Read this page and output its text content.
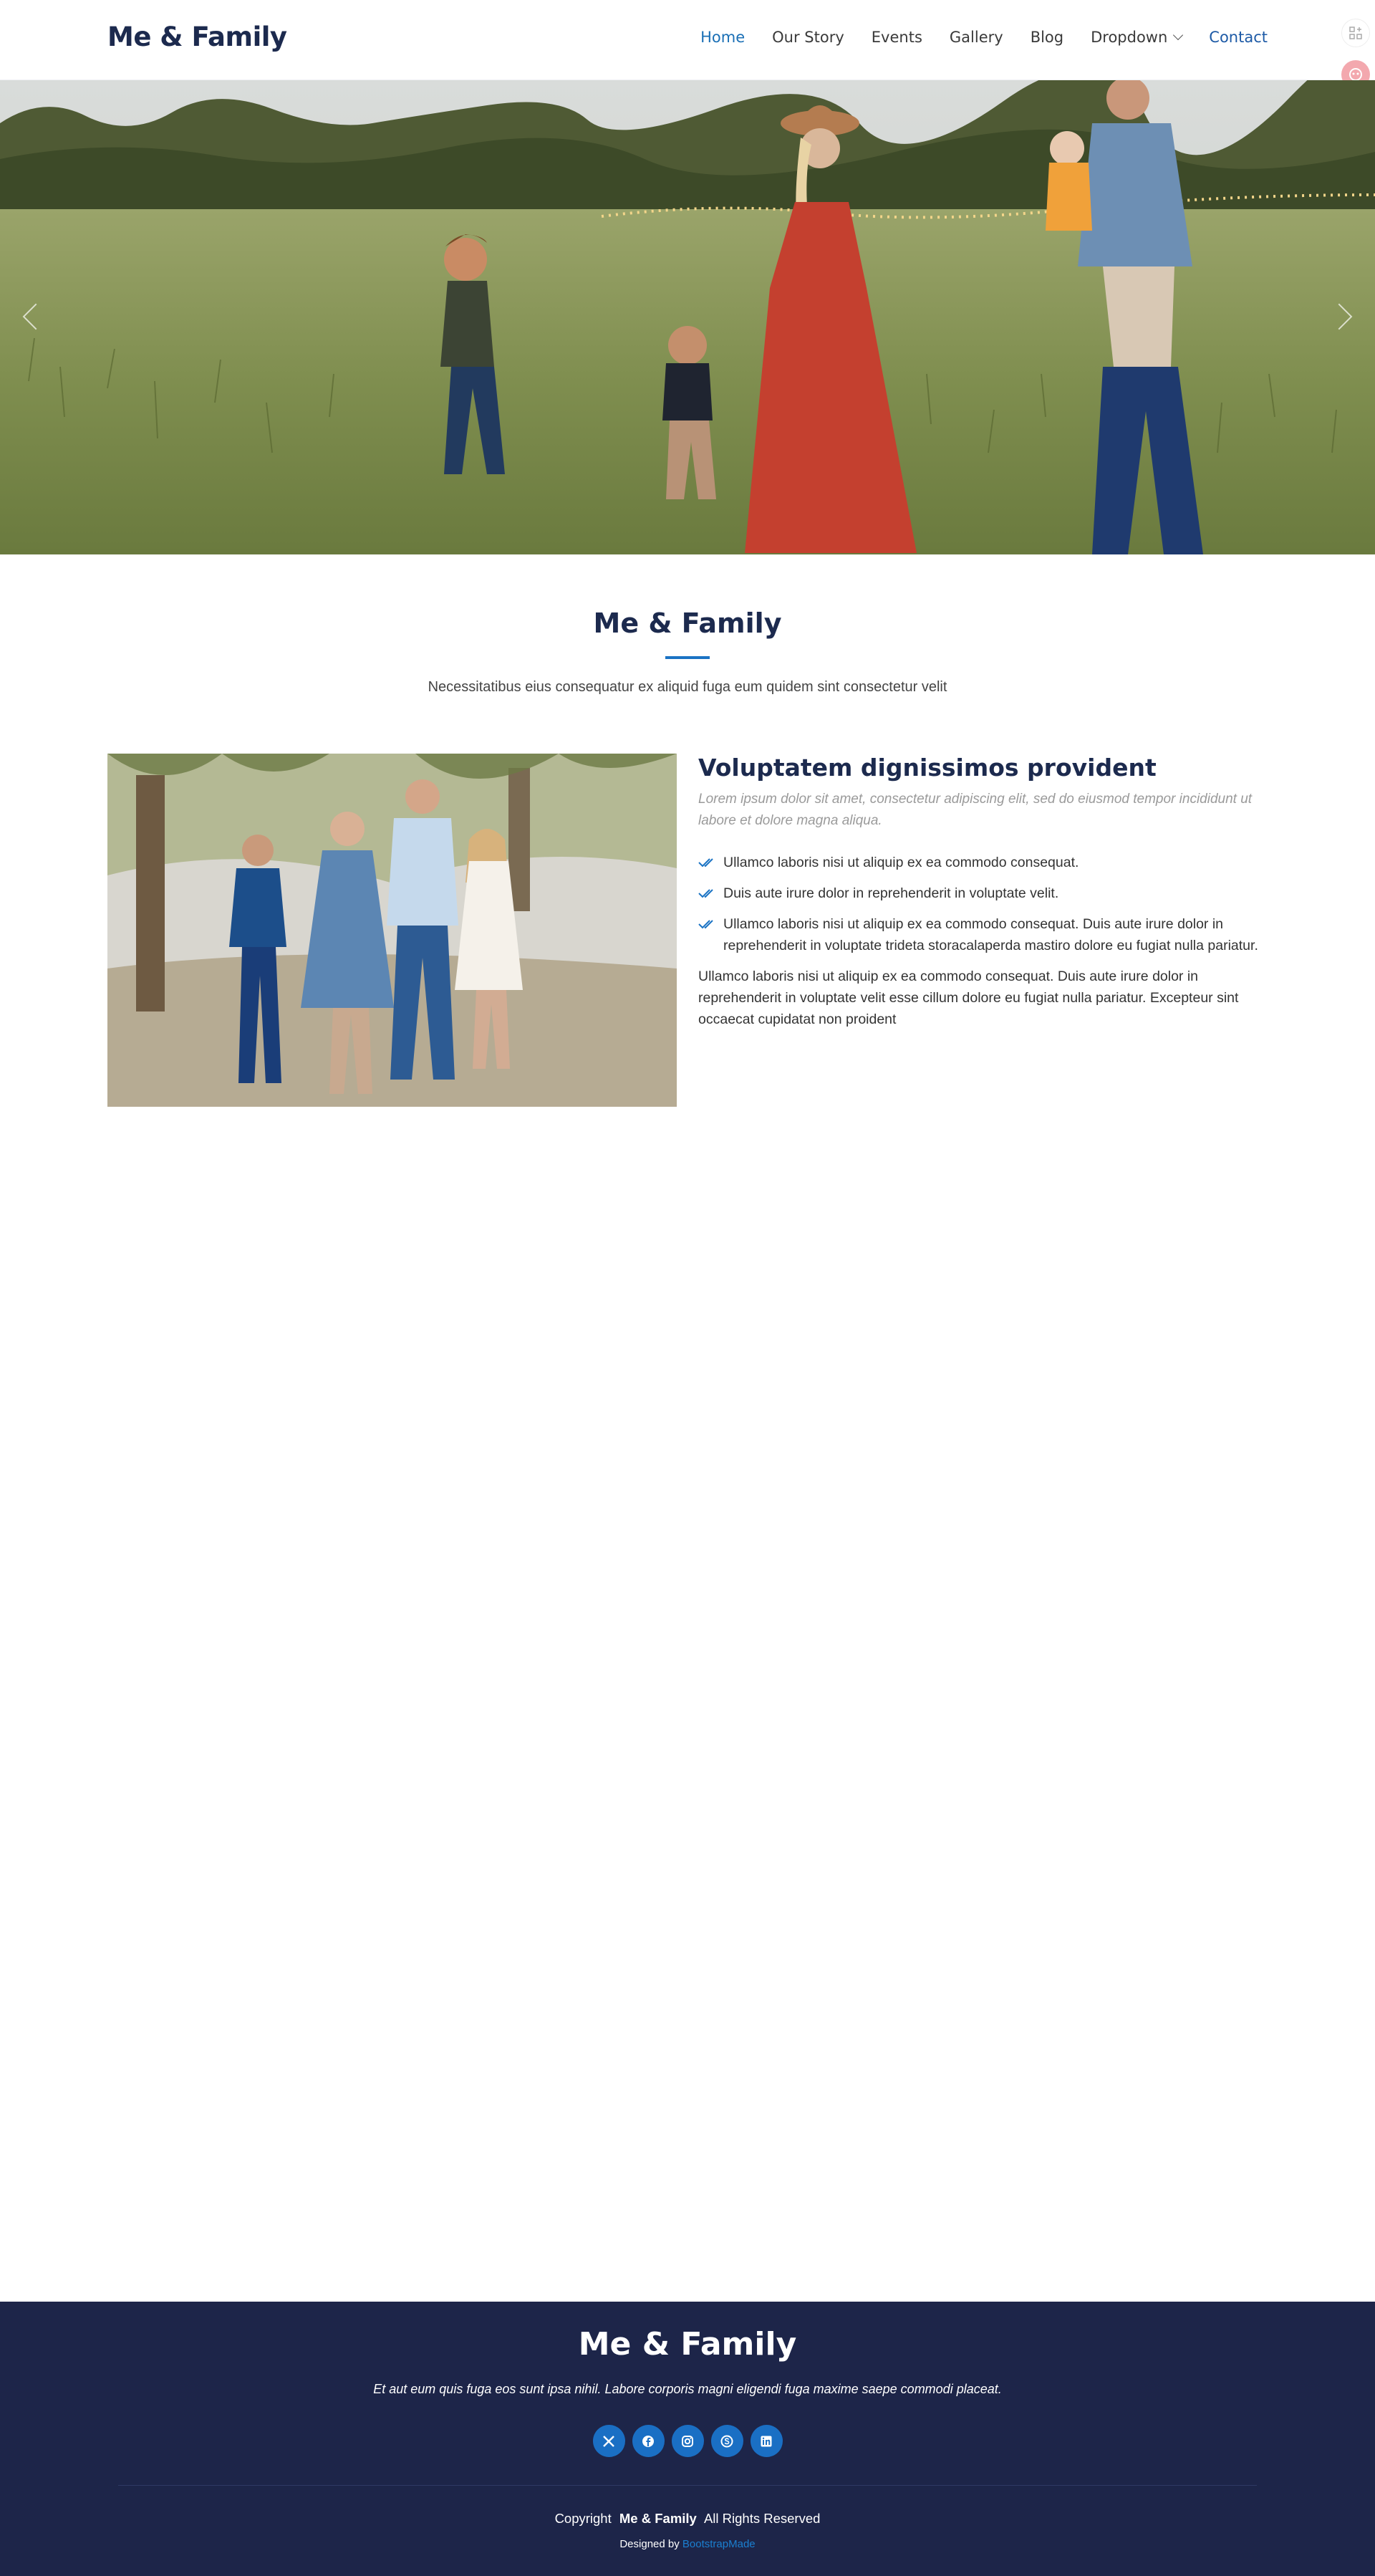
Me & Family	Home Our Story Events Gallery Blog Dropdown	Contact
Me & Family

Necessitatibus eius consequatur ex aliquid fuga eum quidem sint consectetur velit

Voluptatem dignissimos provident

Lorem ipsum dolor sit amet, consectetur adipiscing elit, sed do eiusmod tempor incididunt ut labore et dolore magna aliqua.

Ullamco laboris nisi ut aliquip ex ea commodo consequat.
Duis aute irure dolor in reprehenderit in voluptate velit.
Ullamco laboris nisi ut aliquip ex ea commodo consequat. Duis aute irure dolor in reprehenderit in voluptate trideta storacalaperda mastiro dolore eu fugiat nulla pariatur.

Ullamco laboris nisi ut aliquip ex ea commodo consequat. Duis aute irure dolor in reprehenderit in voluptate velit esse cillum dolore eu fugiat nulla pariatur. Excepteur sint occaecat cupidatat non proident

Me & Family

Et aut eum quis fuga eos sunt ipsa nihil. Labore corporis magni eligendi fuga maxime saepe commodi placeat.

Copyright Me & Family All Rights Reserved

Designed by BootstrapMade
